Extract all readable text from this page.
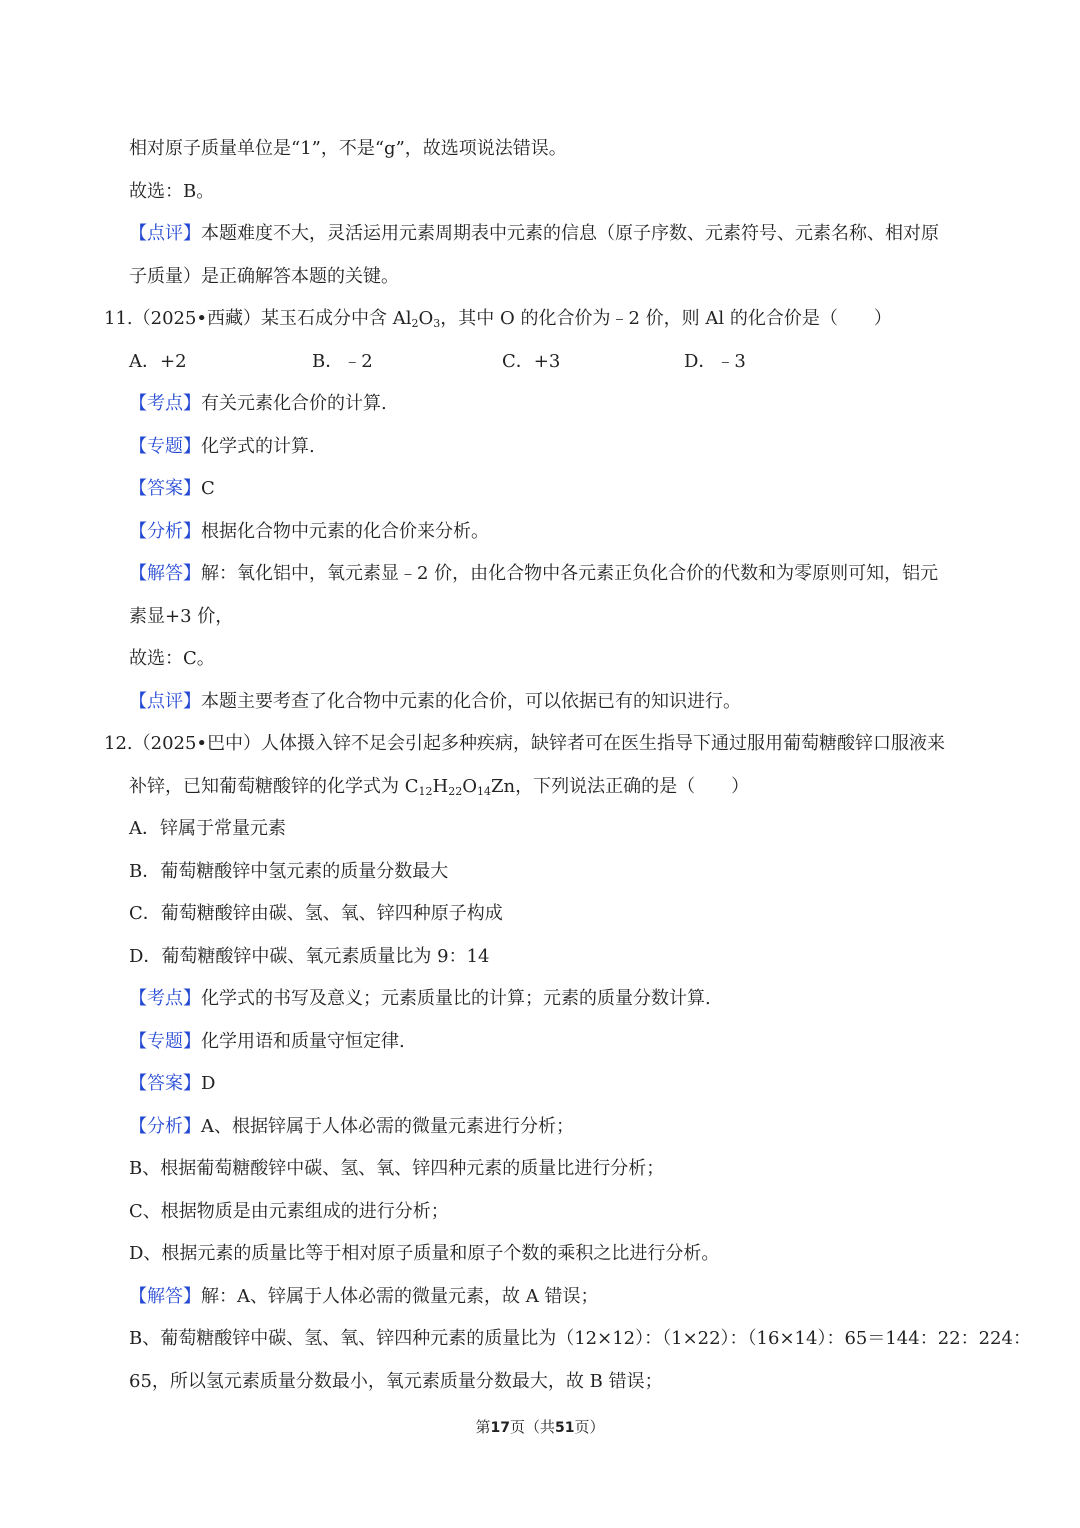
相对原子质量单位是“1”，不是“g”，故选项说法错误。
故选：B。
【点评】本题难度不大，灵活运用元素周期表中元素的信息（原子序数、元素符号、元素名称、相对原
子质量）是正确解答本题的关键。
11.（2025•西藏）某玉石成分中含 $Al_2O_3$，其中 O 的化合价为﹣2 价，则 Al 的化合价是（　　）
A．+2	B．﹣2	C．+3	D．﹣3
【考点】有关元素化合价的计算.
【专题】化学式的计算.
【答案】C
【分析】根据化合物中元素的化合价来分析。
【解答】解：氧化铝中，氧元素显﹣2 价，由化合物中各元素正负化合价的代数和为零原则可知，铝元
素显+3 价，
故选：C。
【点评】本题主要考查了化合物中元素的化合价，可以依据已有的知识进行。
12.（2025•巴中）人体摄入锌不足会引起多种疾病，缺锌者可在医生指导下通过服用葡萄糖酸锌口服液来
补锌，已知葡萄糖酸锌的化学式为 $C_{12}H_{22}O_{14}Zn$，下列说法正确的是（　　）
A．锌属于常量元素
B．葡萄糖酸锌中氢元素的质量分数最大
C．葡萄糖酸锌由碳、氢、氧、锌四种原子构成
D．葡萄糖酸锌中碳、氧元素质量比为 9：14
【考点】化学式的书写及意义；元素质量比的计算；元素的质量分数计算.
【专题】化学用语和质量守恒定律.
【答案】D
【分析】A、根据锌属于人体必需的微量元素进行分析；
B、根据葡萄糖酸锌中碳、氢、氧、锌四种元素的质量比进行分析；
C、根据物质是由元素组成的进行分析；
D、根据元素的质量比等于相对原子质量和原子个数的乘积之比进行分析。
【解答】解：A、锌属于人体必需的微量元素，故 A 错误；
B、葡萄糖酸锌中碳、氢、氧、锌四种元素的质量比为（12×12）：（1×22）：（16×14）：65＝144：22：224：
65，所以氢元素质量分数最小，氧元素质量分数最大，故 B 错误；
第17页（共51页）
